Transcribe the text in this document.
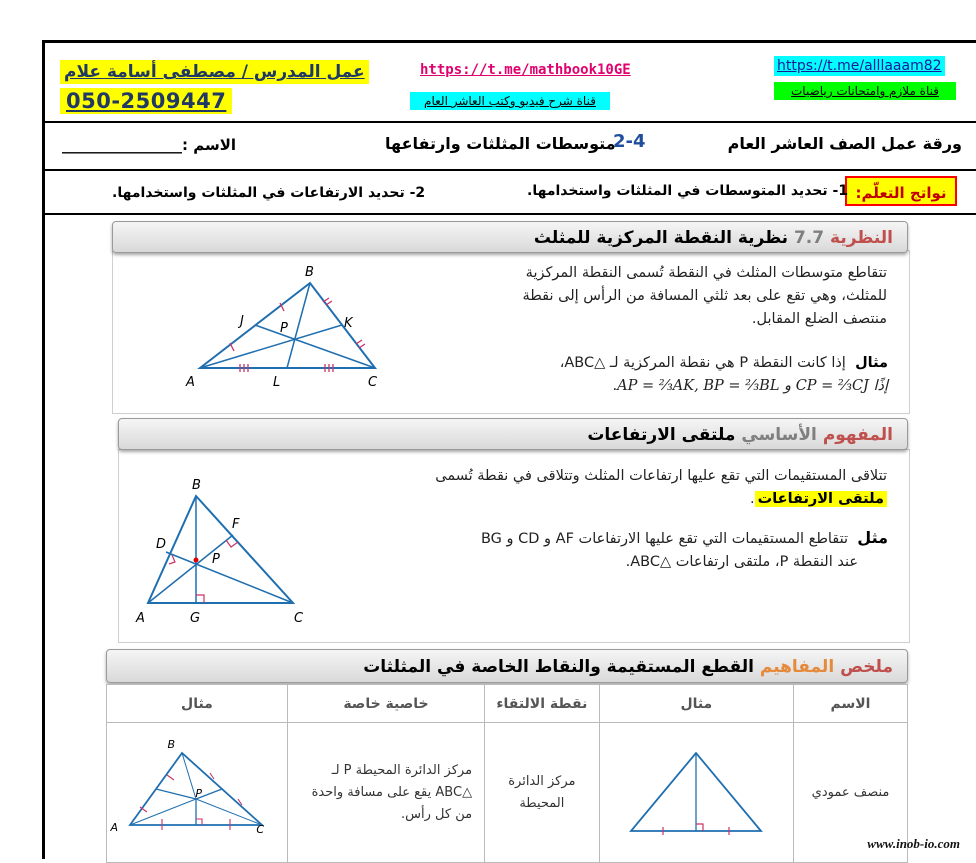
عمل المدرس / مصطفى أسامة علام
050-2509447
https://t.me/mathbook10GE
قناة شرح فيديو وكتب العاشر العام
https://t.me/alllaaam82
قناة ملازم وامتحانات رياضيات
ورقة عمل الصف العاشر العام
2-4
متوسطات المثلثات وارتفاعها
الاسم :________________
نواتج التعلّم:
1- تحديد المتوسطات في المثلثات واستخدامها.
2- تحديد الارتفاعات في المثلثات واستخدامها.
النظرية 7.7 نظرية النقطة المركزية للمثلث
تتقاطع متوسطات المثلث في النقطة تُسمى النقطة المركزية للمثلث، وهي تقع على بعد ثلثي المسافة من الرأس إلى نقطة منتصف الضلع المقابل.
مثال  إذا كانت النقطة P هي نقطة المركزية لـ △ABC،
إذًا CP = ⅔CJ و AP = ⅔AK, BP = ⅔BL.
B
J	P	K
A	L	C
المفهوم الأساسي ملتقى الارتفاعات
تتلاقى المستقيمات التي تقع عليها ارتفاعات المثلث وتتلاقى في نقطة تُسمى
ملتقى الارتفاعات.
مثل  تتقاطع المستقيمات التي تقع عليها الارتفاعات AF و CD و BG
عند النقطة P، ملتقى ارتفاعات △ABC.
B
F
D
P
A	G	C
ملخص المفاهيم القطع المستقيمة والنقاط الخاصة في المثلثات
الاسم	مثال	نقطة الالتقاء	خاصية خاصة	مثال
منصف عمودي		مركز الدائرة المحيطة	مركز الدائرة المحيطة P لـ △ABC يقع على مسافة واحدة من كل رأس.	B
P
A C
www.inob-io.com
